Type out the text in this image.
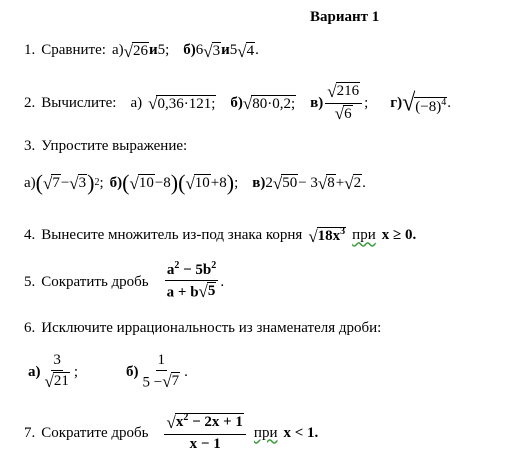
Вариант 1
1. Сравните: а) √ 26 и 5; б) 6 √ 3 и 5 √ 4 .
2. Вычислите: а) √ 0,36·121; б) √ 80·0,2; $в) \frac{√ 216}{√ 6}$ ; г) √ $(-8)^4$ .
3. Упростите выражение:
а) ( √ 7 − √ 3 ) 2 ; б) ( √ 10 −8 ) ( √ 10 +8 ) ; в) 2 √ 50 − 3 √ 8 + √ 2 .
4. Вынесите множитель из-под знака корня √ $18x^3$ при x ≥ 0.
5. Сократить дробь $\frac{a^2 - 5b^2}{a + b √ 5}$ .
6. Исключите иррациональность из знаменателя дроби:
$а) \frac{3}{√ 21}$ ;	$б) \frac{1}{5 - √ 7}$ .
7. Сократите дробь $\frac{√ x^2 - 2x + 1}{x - 1}$ при x < 1.
